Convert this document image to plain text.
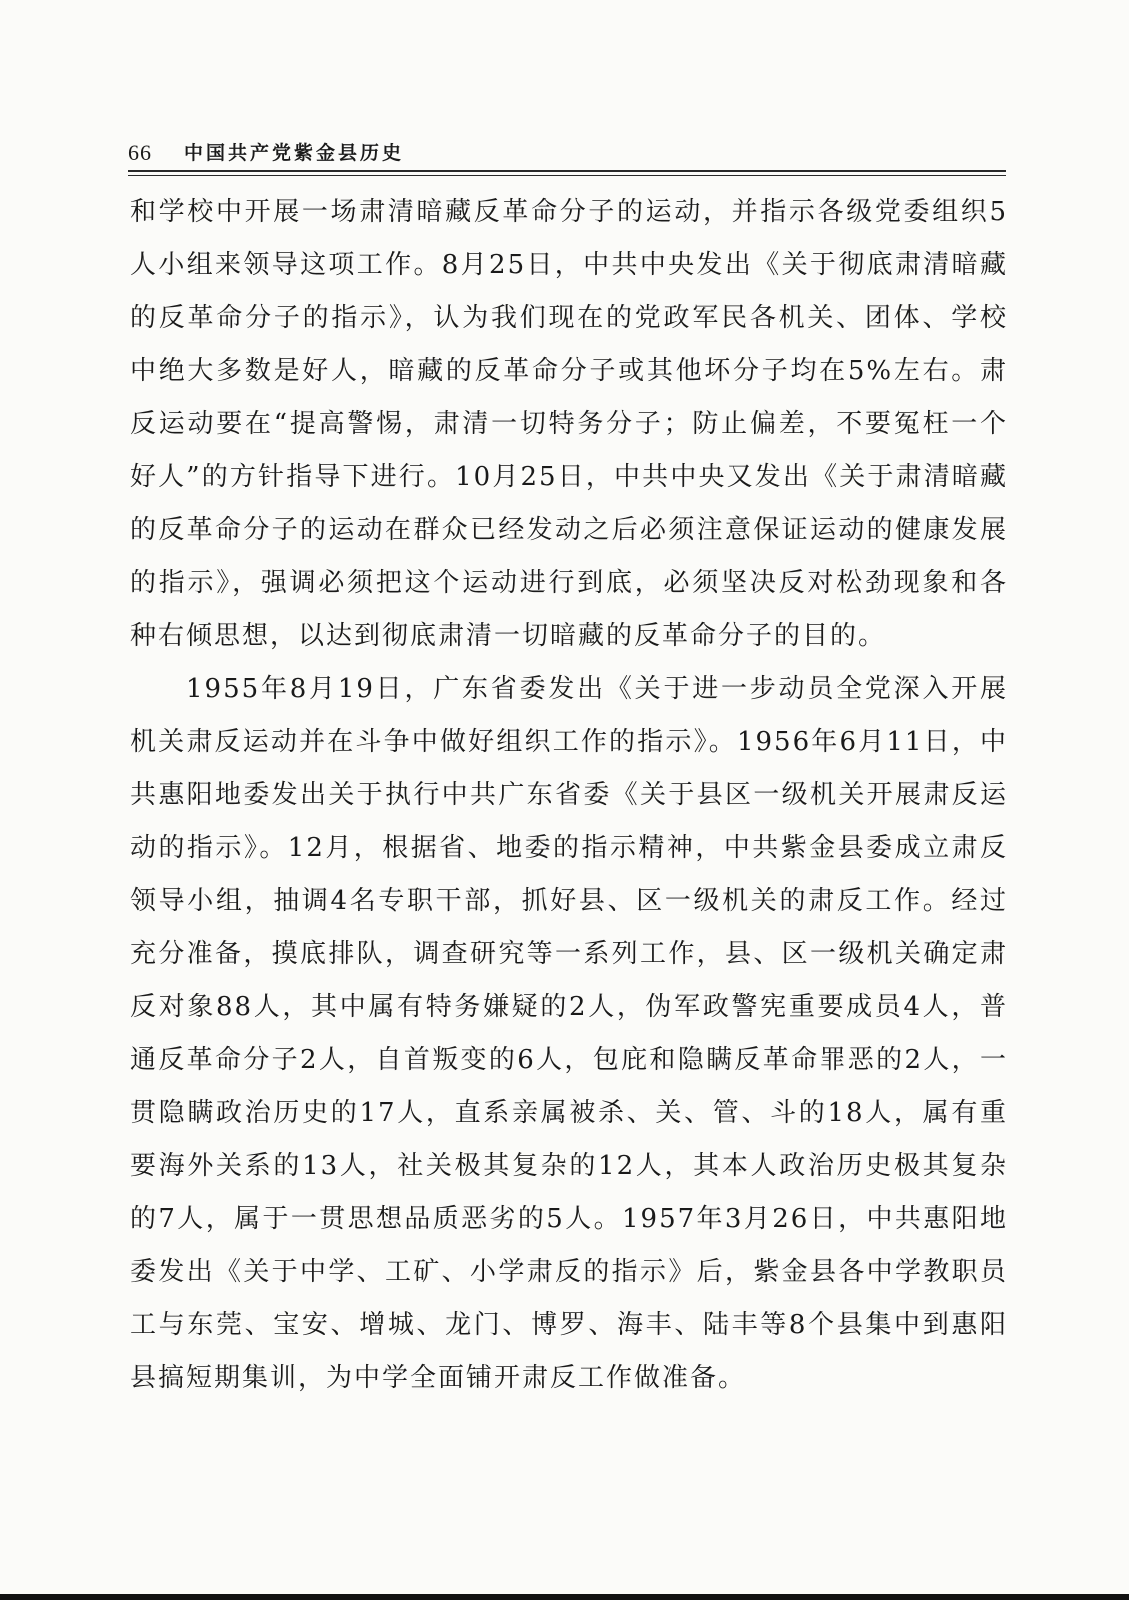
66 中国共产党紫金县历史

和学校中开展一场肃清暗藏反革命分子的运动，并指示各级党委组织5人小组来领导这项工作。8月25日，中共中央发出《关于彻底肃清暗藏的反革命分子的指示》，认为我们现在的党政军民各机关、团体、学校中绝大多数是好人，暗藏的反革命分子或其他坏分子均在5%左右。肃反运动要在“提高警惕，肃清一切特务分子；防止偏差，不要冤枉一个好人”的方针指导下进行。10月25日，中共中央又发出《关于肃清暗藏的反革命分子的运动在群众已经发动之后必须注意保证运动的健康发展的指示》，强调必须把这个运动进行到底，必须坚决反对松劲现象和各种右倾思想，以达到彻底肃清一切暗藏的反革命分子的目的。

1955年8月19日，广东省委发出《关于进一步动员全党深入开展机关肃反运动并在斗争中做好组织工作的指示》。1956年6月11日，中共惠阳地委发出关于执行中共广东省委《关于县区一级机关开展肃反运动的指示》。12月，根据省、地委的指示精神，中共紫金县委成立肃反领导小组，抽调4名专职干部，抓好县、区一级机关的肃反工作。经过充分准备，摸底排队，调查研究等一系列工作，县、区一级机关确定肃反对象88人，其中属有特务嫌疑的2人，伪军政警宪重要成员4人，普通反革命分子2人，自首叛变的6人，包庇和隐瞒反革命罪恶的2人，一贯隐瞒政治历史的17人，直系亲属被杀、关、管、斗的18人，属有重要海外关系的13人，社关极其复杂的12人，其本人政治历史极其复杂的7人，属于一贯思想品质恶劣的5人。1957年3月26日，中共惠阳地委发出《关于中学、工矿、小学肃反的指示》后，紫金县各中学教职员工与东莞、宝安、增城、龙门、博罗、海丰、陆丰等8个县集中到惠阳县搞短期集训，为中学全面铺开肃反工作做准备。
